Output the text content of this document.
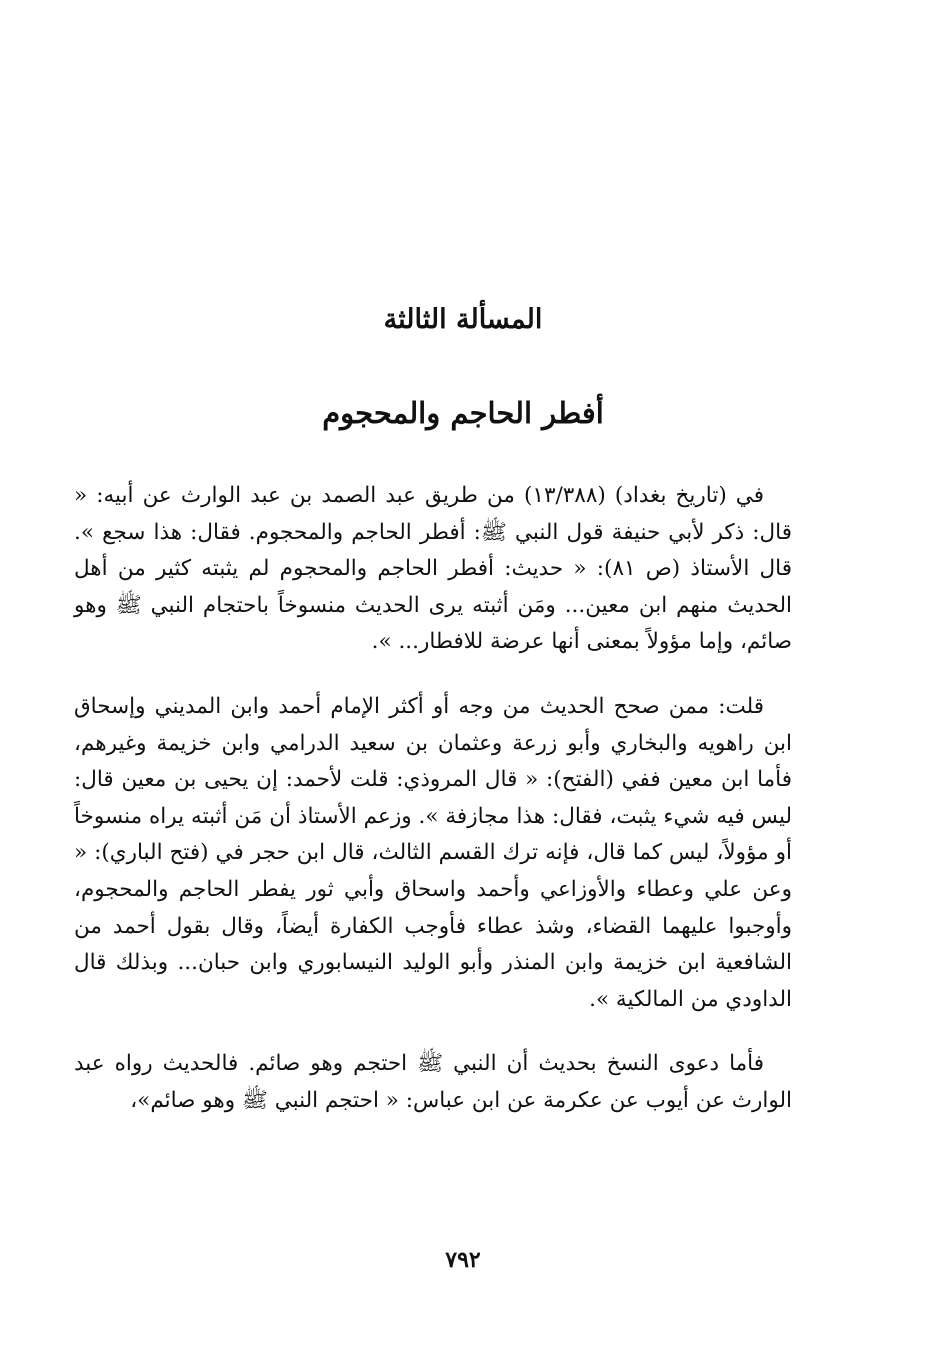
المسألة الثالثة
أفطر الحاجم والمحجوم

في (تاريخ بغداد) (١٣/٣٨٨) من طريق عبد الصمد بن عبد الوارث عن أبيه: « قال: ذكر لأبي حنيفة قول النبي ﷺ: أفطر الحاجم والمحجوم. فقال: هذا سجع ». قال الأستاذ (ص ٨١): « حديث: أفطر الحاجم والمحجوم لم يثبته كثير من أهل الحديث منهم ابن معين... ومَن أثبته يرى الحديث منسوخاً باحتجام النبي ﷺ وهو صائم، وإما مؤولاً بمعنى أنها عرضة للافطار... ».

قلت: ممن صحح الحديث من وجه أو أكثر الإمام أحمد وابن المديني وإسحاق ابن راهويه والبخاري وأبو زرعة وعثمان بن سعيد الدرامي وابن خزيمة وغيرهم، فأما ابن معين ففي (الفتح): « قال المروذي: قلت لأحمد: إن يحيى بن معين قال: ليس فيه شيء يثبت، فقال: هذا مجازفة ». وزعم الأستاذ أن مَن أثبته يراه منسوخاً أو مؤولاً، ليس كما قال، فإنه ترك القسم الثالث، قال ابن حجر في (فتح الباري): « وعن علي وعطاء والأوزاعي وأحمد واسحاق وأبي ثور يفطر الحاجم والمحجوم، وأوجبوا عليهما القضاء، وشذ عطاء فأوجب الكفارة أيضاً، وقال بقول أحمد من الشافعية ابن خزيمة وابن المنذر وأبو الوليد النيسابوري وابن حبان... وبذلك قال الداودي من المالكية ».

فأما دعوى النسخ بحديث أن النبي ﷺ احتجم وهو صائم. فالحديث رواه عبد الوارث عن أيوب عن عكرمة عن ابن عباس: « احتجم النبي ﷺ وهو صائم»،

٧٩٢
